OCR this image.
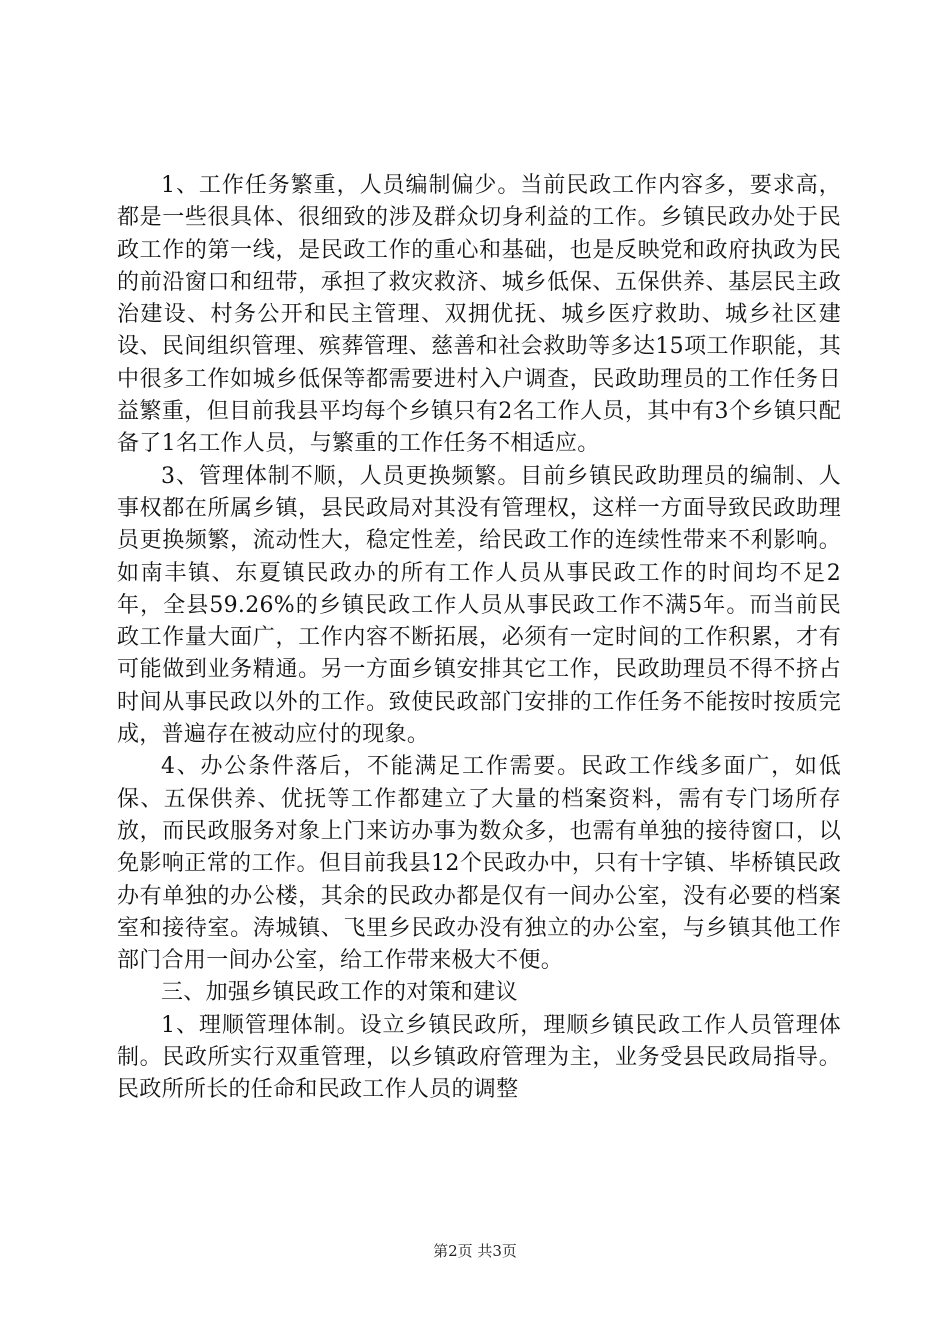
1、工作任务繁重，人员编制偏少。当前民政工作内容多，要求高，都是一些很具体、很细致的涉及群众切身利益的工作。乡镇民政办处于民政工作的第一线，是民政工作的重心和基础，也是反映党和政府执政为民的前沿窗口和纽带，承担了救灾救济、城乡低保、五保供养、基层民主政治建设、村务公开和民主管理、双拥优抚、城乡医疗救助、城乡社区建设、民间组织管理、殡葬管理、慈善和社会救助等多达15项工作职能，其中很多工作如城乡低保等都需要进村入户调查，民政助理员的工作任务日益繁重，但目前我县平均每个乡镇只有2名工作人员，其中有3个乡镇只配备了1名工作人员，与繁重的工作任务不相适应。

3、管理体制不顺，人员更换频繁。目前乡镇民政助理员的编制、人事权都在所属乡镇，县民政局对其没有管理权，这样一方面导致民政助理员更换频繁，流动性大，稳定性差，给民政工作的连续性带来不利影响。如南丰镇、东夏镇民政办的所有工作人员从事民政工作的时间均不足2年，全县59.26%的乡镇民政工作人员从事民政工作不满5年。而当前民政工作量大面广，工作内容不断拓展，必须有一定时间的工作积累，才有可能做到业务精通。另一方面乡镇安排其它工作，民政助理员不得不挤占时间从事民政以外的工作。致使民政部门安排的工作任务不能按时按质完成，普遍存在被动应付的现象。

4、办公条件落后，不能满足工作需要。民政工作线多面广，如低保、五保供养、优抚等工作都建立了大量的档案资料，需有专门场所存放，而民政服务对象上门来访办事为数众多，也需有单独的接待窗口，以免影响正常的工作。但目前我县12个民政办中，只有十字镇、毕桥镇民政办有单独的办公楼，其余的民政办都是仅有一间办公室，没有必要的档案室和接待室。涛城镇、飞里乡民政办没有独立的办公室，与乡镇其他工作部门合用一间办公室，给工作带来极大不便。

三、加强乡镇民政工作的对策和建议

1、理顺管理体制。设立乡镇民政所，理顺乡镇民政工作人员管理体制。民政所实行双重管理，以乡镇政府管理为主，业务受县民政局指导。民政所所长的任命和民政工作人员的调整

第2页 共3页
